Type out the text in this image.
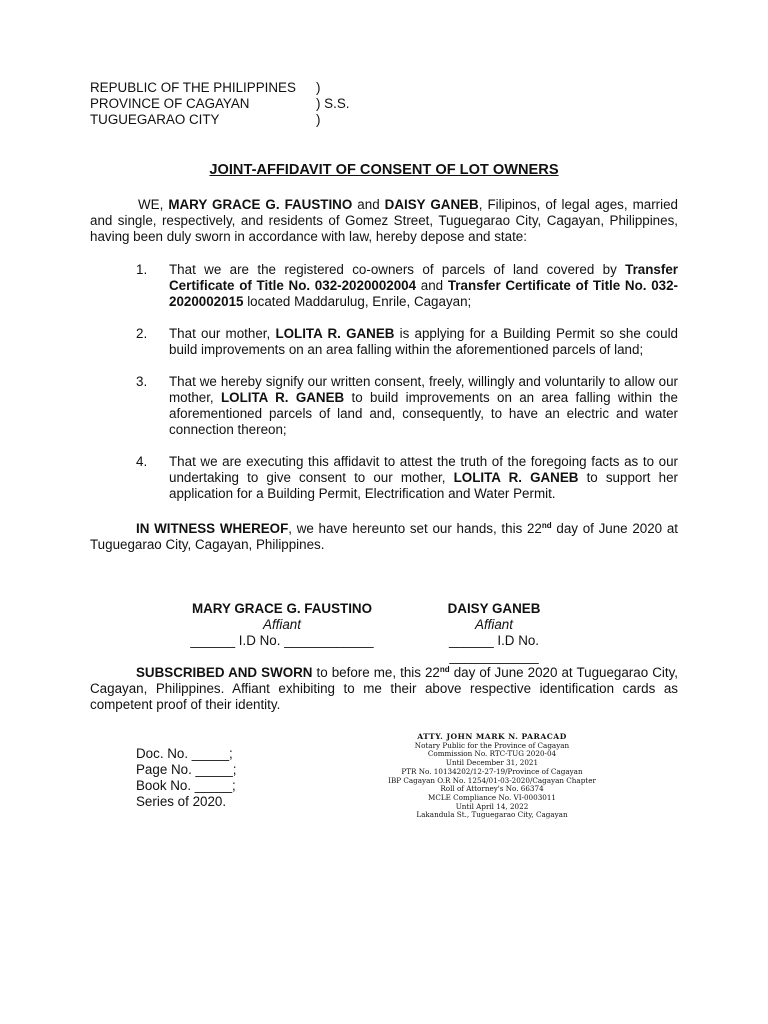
REPUBLIC OF THE PHILIPPINES )
PROVINCE OF CAGAYAN	) S.S.
TUGUEGARAO CITY	)
JOINT-AFFIDAVIT OF CONSENT OF LOT OWNERS
WE, MARY GRACE G. FAUSTINO and DAISY GANEB, Filipinos, of legal ages, married and single, respectively, and residents of Gomez Street, Tuguegarao City, Cagayan, Philippines, having been duly sworn in accordance with law, hereby depose and state:
1. That we are the registered co-owners of parcels of land covered by Transfer Certificate of Title No. 032-2020002004 and Transfer Certificate of Title No. 032-2020002015 located Maddarulug, Enrile, Cagayan;
2. That our mother, LOLITA R. GANEB is applying for a Building Permit so she could build improvements on an area falling within the aforementioned parcels of land;
3. That we hereby signify our written consent, freely, willingly and voluntarily to allow our mother, LOLITA R. GANEB to build improvements on an area falling within the aforementioned parcels of land and, consequently, to have an electric and water connection thereon;
4. That we are executing this affidavit to attest the truth of the foregoing facts as to our undertaking to give consent to our mother, LOLITA R. GANEB to support her application for a Building Permit, Electrification and Water Permit.
IN WITNESS WHEREOF, we have hereunto set our hands, this 22nd day of June 2020 at Tuguegarao City, Cagayan, Philippines.
MARY GRACE G. FAUSTINO
Affiant
______ I.D No. ____________
DAISY GANEB
Affiant
______ I.D No. ____________
SUBSCRIBED AND SWORN to before me, this 22nd day of June 2020 at Tuguegarao City, Cagayan, Philippines. Affiant exhibiting to me their above respective identification cards as competent proof of their identity.
Doc. No. _____;
Page No. _____;
Book No. _____;
Series of 2020.
ATTY. JOHN MARK N. PARACAD
Notary Public for the Province of Cagayan
Commission No. RTC-TUG 2020-04
Until December 31, 2021
PTR No. 10134202/12-27-19/Province of Cagayan
IBP Cagayan O.R No. 1254/01-03-2020/Cagayan Chapter
Roll of Attorney's No. 66374
MCLE Compliance No. VI-0003011
Until April 14, 2022
Lakandula St., Tuguegarao City, Cagayan
